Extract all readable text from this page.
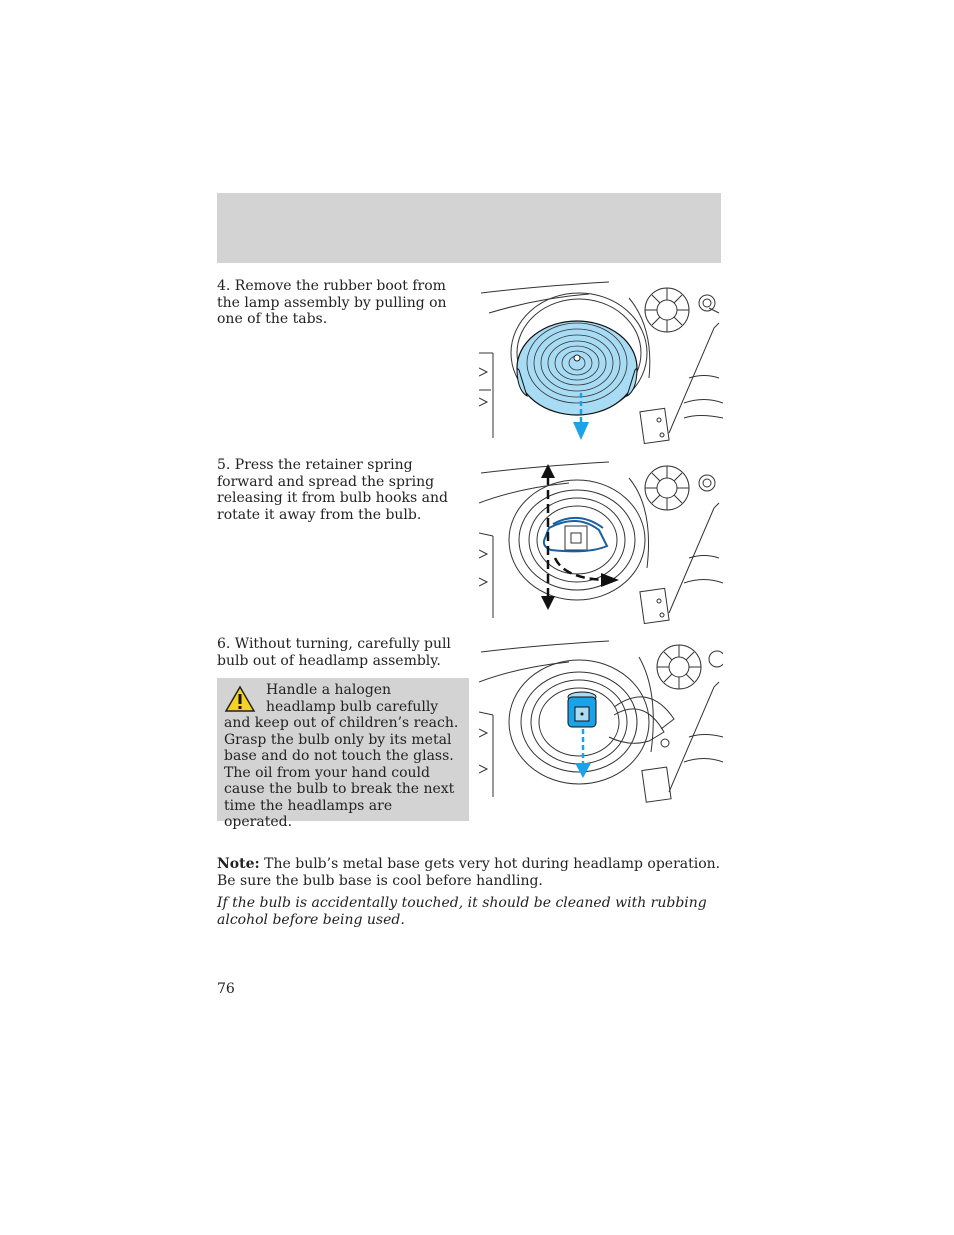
4. Remove the rubber boot from the lamp assembly by pulling on one of the tabs.

5. Press the retainer spring forward and spread the spring releasing it from bulb hooks and rotate it away from the bulb.

6. Without turning, carefully pull bulb out of headlamp assembly.

Handle a halogen headlamp bulb carefully and keep out of children’s reach. Grasp the bulb only by its metal base and do not touch the glass. The oil from your hand could cause the bulb to break the next time the headlamps are operated.

Note: The bulb’s metal base gets very hot during headlamp operation. Be sure the bulb base is cool before handling.

If the bulb is accidentally touched, it should be cleaned with rubbing alcohol before being used.

76
